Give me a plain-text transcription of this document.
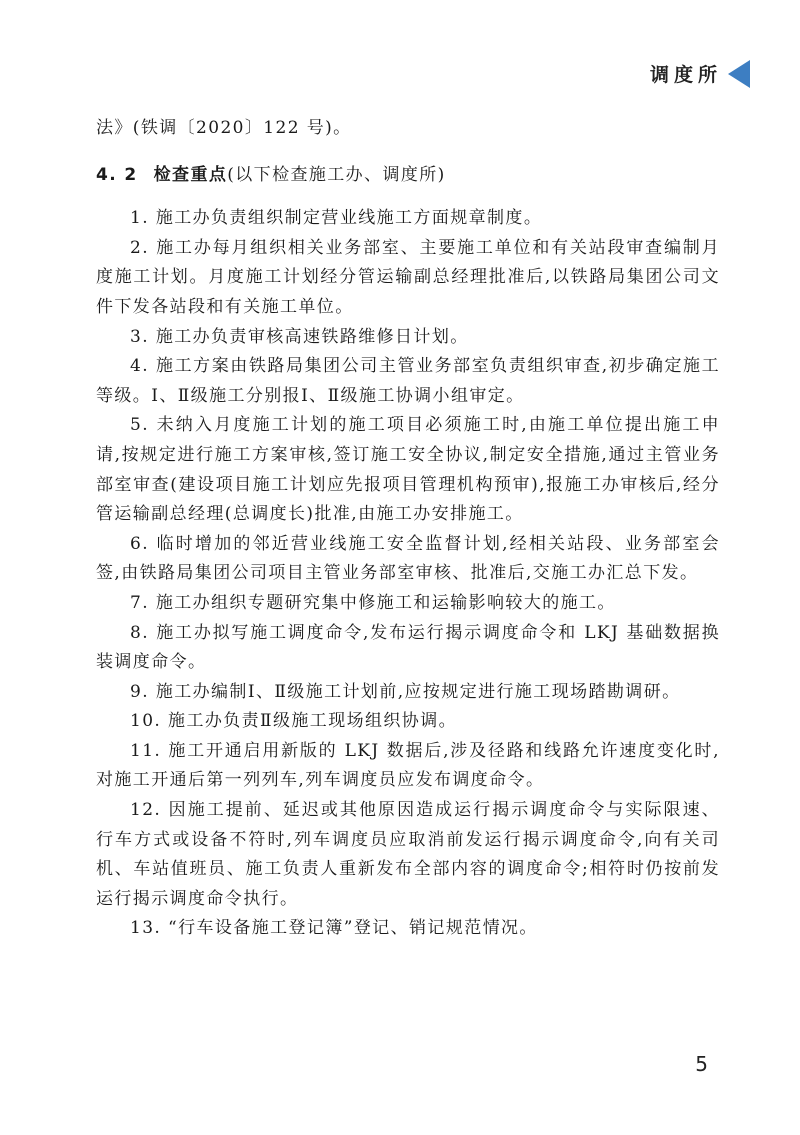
调度所

法》(铁调〔2020〕122 号)。

4. 2 检查重点(以下检查施工办、调度所)

1. 施工办负责组织制定营业线施工方面规章制度。

2. 施工办每月组织相关业务部室、主要施工单位和有关站段审查编制月度施工计划。月度施工计划经分管运输副总经理批准后,以铁路局集团公司文件下发各站段和有关施工单位。

3. 施工办负责审核高速铁路维修日计划。

4. 施工方案由铁路局集团公司主管业务部室负责组织审查,初步确定施工等级。Ⅰ、Ⅱ级施工分别报Ⅰ、Ⅱ级施工协调小组审定。

5. 未纳入月度施工计划的施工项目必须施工时,由施工单位提出施工申请,按规定进行施工方案审核,签订施工安全协议,制定安全措施,通过主管业务部室审查(建设项目施工计划应先报项目管理机构预审),报施工办审核后,经分管运输副总经理(总调度长)批准,由施工办安排施工。

6. 临时增加的邻近营业线施工安全监督计划,经相关站段、业务部室会签,由铁路局集团公司项目主管业务部室审核、批准后,交施工办汇总下发。

7. 施工办组织专题研究集中修施工和运输影响较大的施工。

8. 施工办拟写施工调度命令,发布运行揭示调度命令和 LKJ 基础数据换装调度命令。

9. 施工办编制Ⅰ、Ⅱ级施工计划前,应按规定进行施工现场踏勘调研。

10. 施工办负责Ⅱ级施工现场组织协调。

11. 施工开通启用新版的 LKJ 数据后,涉及径路和线路允许速度变化时,对施工开通后第一列列车,列车调度员应发布调度命令。

12. 因施工提前、延迟或其他原因造成运行揭示调度命令与实际限速、行车方式或设备不符时,列车调度员应取消前发运行揭示调度命令,向有关司机、车站值班员、施工负责人重新发布全部内容的调度命令;相符时仍按前发运行揭示调度命令执行。

13. “行车设备施工登记簿”登记、销记规范情况。

5
